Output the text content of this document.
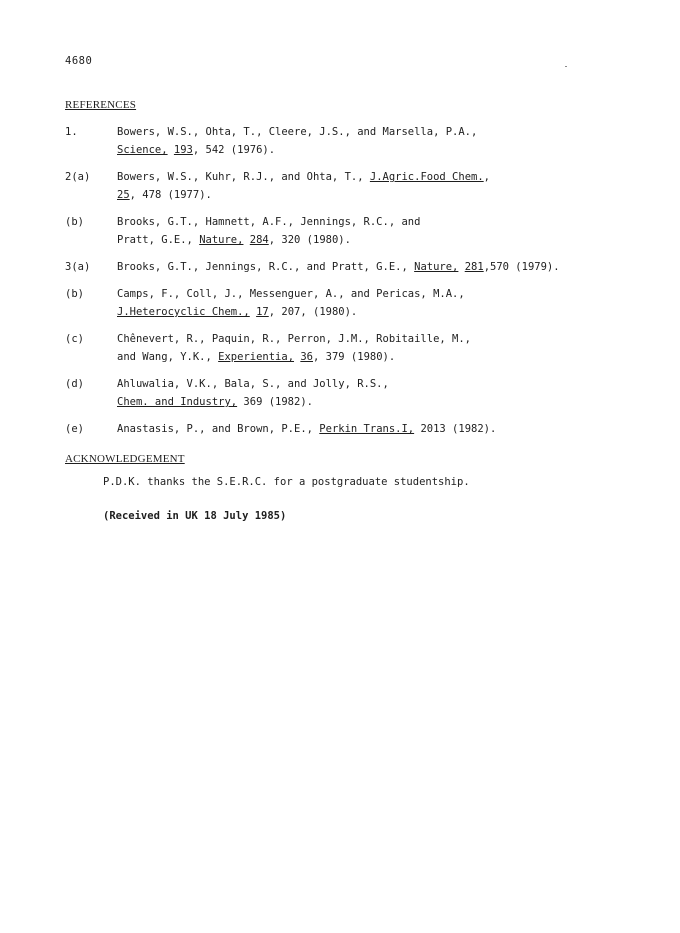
4680
REFERENCES
1.	Bowers, W.S., Ohta, T., Cleere, J.S., and Marsella, P.A.,
Science, 193, 542 (1976).
2(a)	Bowers, W.S., Kuhr, R.J., and Ohta, T., J.Agric.Food Chem.,
25, 478 (1977).
(b)	Brooks, G.T., Hamnett, A.F., Jennings, R.C., and
Pratt, G.E., Nature, 284, 320 (1980).
3(a)	Brooks, G.T., Jennings, R.C., and Pratt, G.E., Nature, 281,570 (1979).
(b)	Camps, F., Coll, J., Messenguer, A., and Pericas, M.A.,
J.Heterocyclic Chem., 17, 207, (1980).
(c)	Chênevert, R., Paquin, R., Perron, J.M., Robitaille, M.,
and Wang, Y.K., Experientia, 36, 379 (1980).
(d)	Ahluwalia, V.K., Bala, S., and Jolly, R.S.,
Chem. and Industry, 369 (1982).
(e)	Anastasis, P., and Brown, P.E., Perkin Trans.I, 2013 (1982).
ACKNOWLEDGEMENT
P.D.K. thanks the S.E.R.C. for a postgraduate studentship.
(Received in UK 18 July 1985)
